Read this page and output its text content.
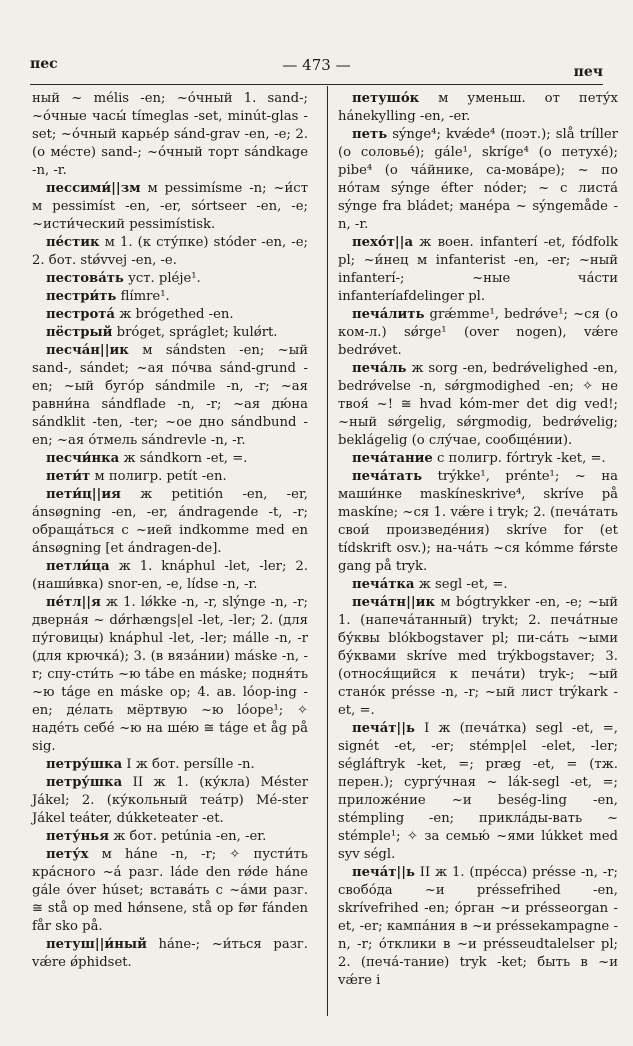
пес	— 473 —	печ

ный ~ mélis -en; ~óчный 1. sand-; ~óчные часы́ tímeglas -set, minút-glas -set; ~óчный карьéр sánd-grav -en, -e; 2. (о мéсте) sand-; ~óчный торт sándkage -n, -r.

пессими́||зм м pessimísme -n; ~и́ст м pessimíst -en, -er, sórtseer -en, -e; ~исти́ческий pessimístisk.

пéстик м 1. (к сту́пке) stóder -en, -e; 2. бот. stǿvvej -en, -e.

пестовáть уст. pléje¹.

пестри́ть flímre¹.

пестротá ж brógethed -en.

пёстрый bróget, spráglet; kulǿrt.

песчáн||ик м sándsten -en; ~ый sand-, sándet; ~ая пóчва sánd-grund -en; ~ый бугóр sándmile -n, -r; ~ая равни́на sándflade -n, -r; ~ая дю́на sándklit -ten, -ter; ~ое дно sándbund -en; ~ая óтмель sándrevle -n, -r.

песчи́нка ж sándkorn -et, =.

пети́т м полигр. petít -en.

пети́ц||ия ж petitión -en, -er, ánsøgning -en, -er, ándragende -t, -r; обращáться с ~ией indkomme med en ánsøgning [et ándragen-de].

петли́ца ж 1. knáphul -let, -ler; 2. (наши́вка) snor-en, -e, lídse -n, -r.

пéтл||я ж 1. lǿkke -n, -r, slýnge -n, -r; двернáя ~ dǿrhængs|el -let, -ler; 2. (для пу́говицы) knáphul -let, -ler; málle -n, -r (для крючкá); 3. (в вязáнии) máske -n, -r; спу-сти́ть ~ю tábe en máske; подня́ть ~ю táge en máske op; 4. ав. lóop-ing -en; дéлать мёртвую ~ю lóope¹; ✧ надéть себé ~ю на шéю ≅ táge et åg på sig.

петру́шка I ж бот. persílle -n.

петру́шка II ж 1. (ку́кла) Méster Jákel; 2. (ку́кольный теáтр) Mé-ster Jákel teáter, dúkketeater -et.

пету́нья ж бот. petúnia -en, -er.

пету́х м háne -n, -r; ✧ пусти́ть крáсного ~á разг. láde den rǿde háne gále óver húset; вставáть с ~áми разг. ≅ stå op med hǿnsene, stå op før fánden får sko på.

петуш||и́ный háne-; ~и́ться разг. vǽre ǿphidset.

петушóк м уменьш. от пету́х hánekylling -en, -er.

петь sýnge⁴; kvǽde⁴ (поэт.); slå tríller (о соловье́); gále¹, skríge⁴ (о петухé); pibe⁴ (о чáйнике, са-мовáре); ~ по нóтам sýnge éfter nóder; ~ с листá sýnge fra bládet; манéра ~ sýngemåde -n, -r.

пехóт||а ж воен. infanterí -et, fódfolk pl; ~и́нец м infanterist -en, -er; ~ный infanterí-; ~ные чáсти infanteríafdelinger pl.

печáлить grǽmme¹, bedrǿve¹; ~ся (о ком-л.) sǿrge¹ (over nogen), vǽre bedrǿvet.

печáль ж sorg -en, bedrǿvelighed -en, bedrǿvelse -n, sǿrgmodighed -en; ✧ не твоя́ ~! ≅ hvad kóm-mer det dig ved!; ~ный sǿrgelig, sǿrgmodig, bedrǿvelig; beklágelig (о слу́чае, сообщéнии).

печáтание с полигр. fórtryk -ket, =.

печáтать trýkke¹, prénte¹; ~ на маши́нке maskíneskrive⁴, skríve på maskíne; ~ся 1. vǽre i tryk; 2. (печáтать свои́ произведéния) skríve for (et tídskrift osv.); на-чáть ~ся kómme fǿrste gang på tryk.

печáтка ж segl -et, =.

печáтн||ик м bógtrykker -en, -e; ~ый 1. (напечáтанный) trykt; 2. печáтные бу́квы blókbogstaver pl; пи-сáть ~ыми бу́квами skríve med trýkbogstaver; 3. (относя́щийся к печáти) tryk-; ~ый станóк présse -n, -r; ~ый лист trýkark -et, =.

печáт||ь I ж (печáтка) segl -et, =, signét -et, -er; stémp|el -elet, -ler; ségláftryk -ket, =; præg -et, = (тж. перен.); сургу́чная ~ lák-segl -et, =; приложéние ~и beség-ling -en, stémpling -en; приклáды-вать ~ stémple¹; ✧ за семью́ ~ями lúkket med syv ségl.

печáт||ь II ж 1. (прéсса) présse -n, -r; свобóда ~и préssefrihed -en, skrívefrihed -en; óрган ~и présseorgan -et, -er; кампáния в ~и préssekampagne -n, -r; óтклики в ~и présseudtalelser pl; 2. (печá-тание) tryk -ket; быть в ~и vǽre i
